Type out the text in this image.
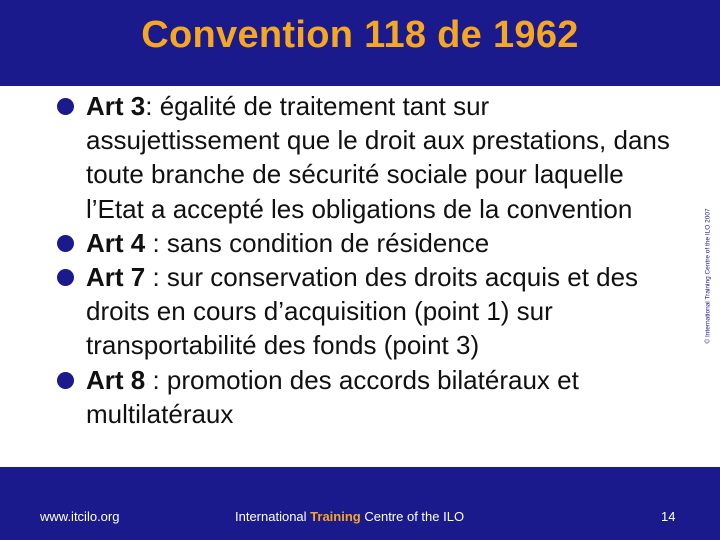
Convention 118 de 1962
Art 3: égalité de traitement tant sur assujettissement que le droit aux prestations, dans toute branche de sécurité sociale pour laquelle l’Etat a accepté les obligations de la convention
Art 4 : sans condition de résidence
Art 7 : sur conservation des droits acquis et des droits en cours d’acquisition (point 1) sur transportabilité des fonds (point 3)
Art 8 : promotion des accords bilatéraux et multilatéraux
© International Training Centre of the ILO 2007
www.itcilo.org	International Training Centre of the ILO	14
